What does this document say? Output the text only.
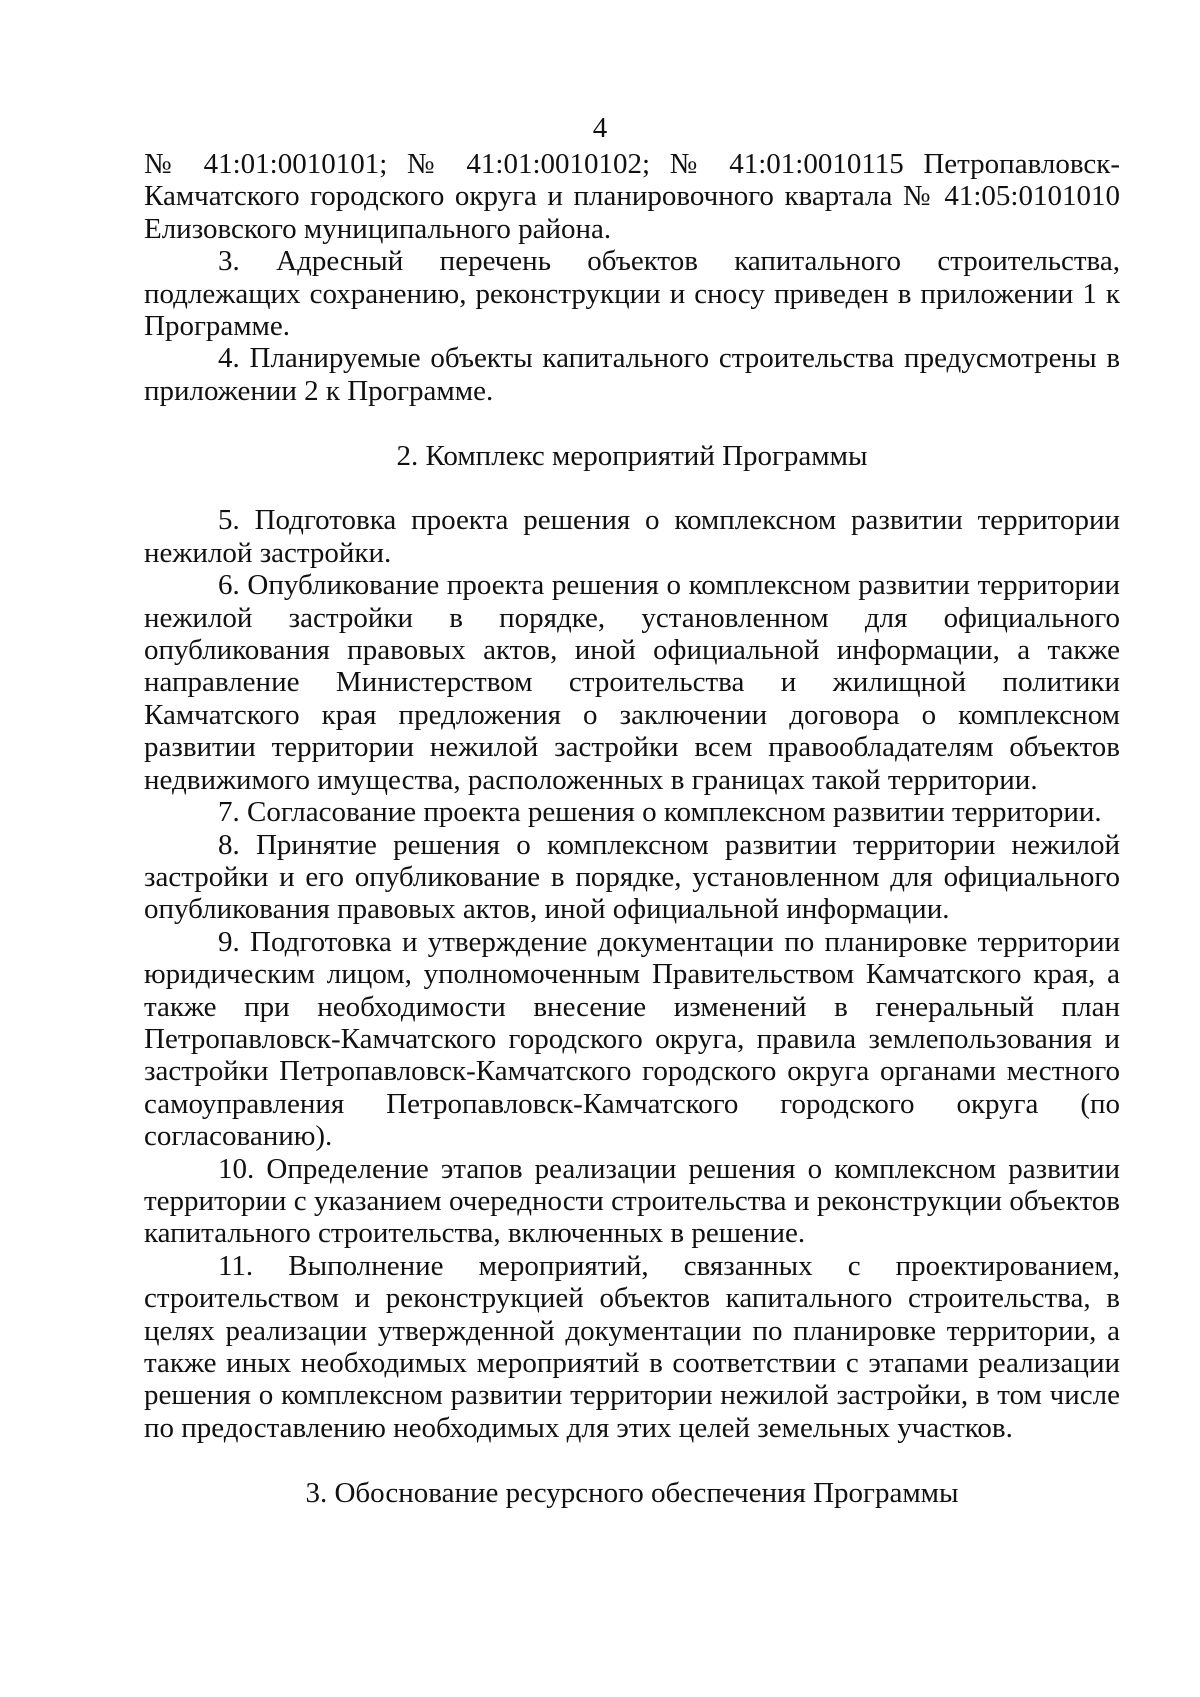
4

№ 41:01:0010101; № 41:01:0010102; № 41:01:0010115 Петропавловск-Камчатского городского округа и планировочного квартала № 41:05:0101010 Елизовского муниципального района.

3. Адресный перечень объектов капитального строительства, подлежащих сохранению, реконструкции и сносу приведен в приложении 1 к Программе.

4. Планируемые объекты капитального строительства предусмотрены в приложении 2 к Программе.

2. Комплекс мероприятий Программы

5. Подготовка проекта решения о комплексном развитии территории нежилой застройки.

6. Опубликование проекта решения о комплексном развитии территории нежилой застройки в порядке, установленном для официального опубликования правовых актов, иной официальной информации, а также направление Министерством строительства и жилищной политики Камчатского края предложения о заключении договора о комплексном развитии территории нежилой застройки всем правообладателям объектов недвижимого имущества, расположенных в границах такой территории.

7. Согласование проекта решения о комплексном развитии территории.

8. Принятие решения о комплексном развитии территории нежилой застройки и его опубликование в порядке, установленном для официального опубликования правовых актов, иной официальной информации.

9. Подготовка и утверждение документации по планировке территории юридическим лицом, уполномоченным Правительством Камчатского края, а также при необходимости внесение изменений в генеральный план Петропавловск-Камчатского городского округа, правила землепользования и застройки Петропавловск-Камчатского городского округа органами местного самоуправления Петропавловск-Камчатского городского округа (по согласованию).

10. Определение этапов реализации решения о комплексном развитии территории с указанием очередности строительства и реконструкции объектов капитального строительства, включенных в решение.

11. Выполнение мероприятий, связанных с проектированием, строительством и реконструкцией объектов капитального строительства, в целях реализации утвержденной документации по планировке территории, а также иных необходимых мероприятий в соответствии с этапами реализации решения о комплексном развитии территории нежилой застройки, в том числе по предоставлению необходимых для этих целей земельных участков.

3. Обоснование ресурсного обеспечения Программы
